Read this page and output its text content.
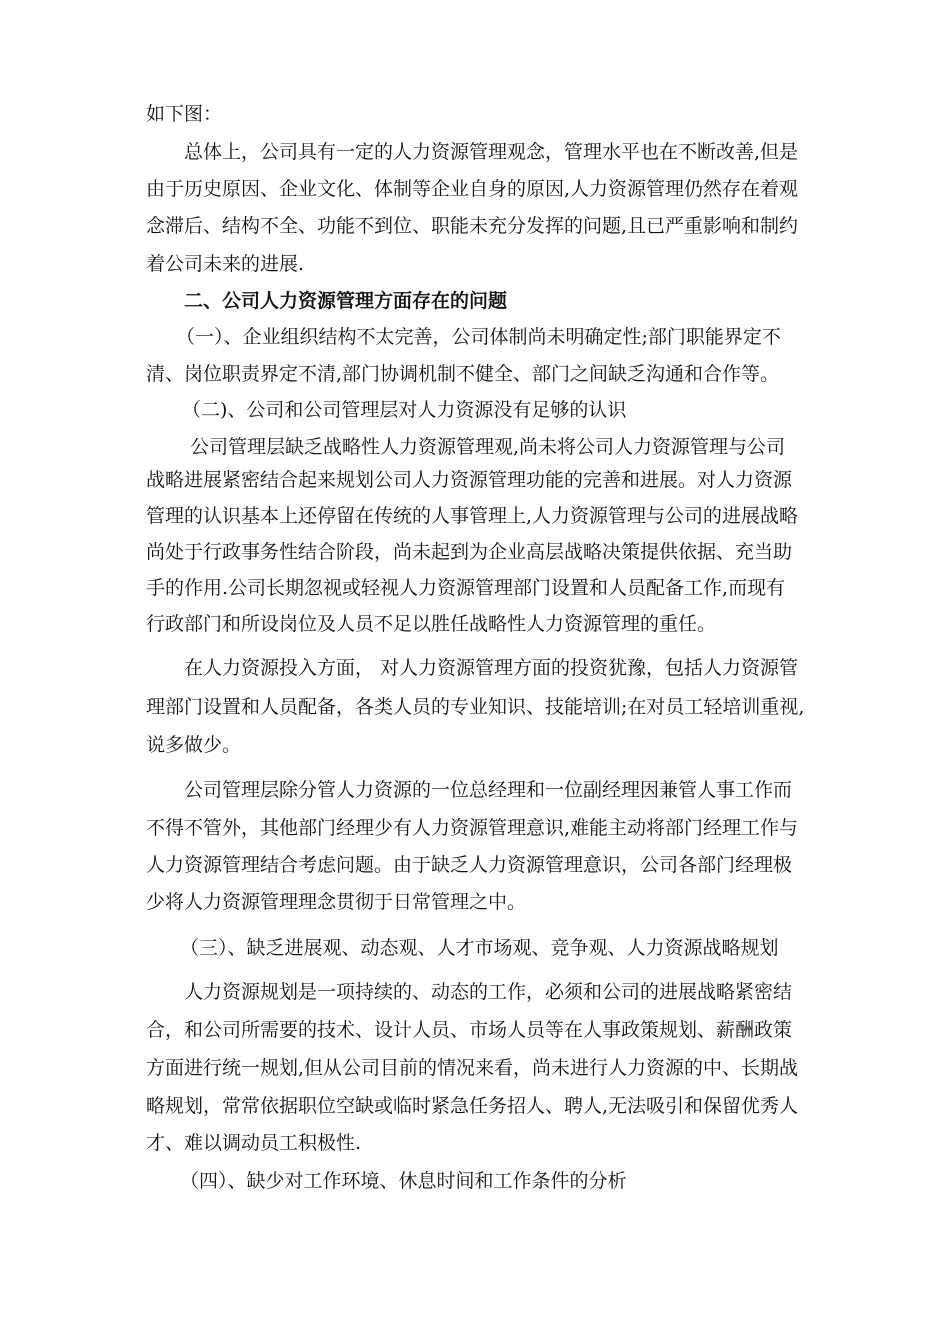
如下图：
总体上，公司具有一定的人力资源管理观念，管理水平也在不断改善,但是
由于历史原因、企业文化、体制等企业自身的原因,人力资源管理仍然存在着观
念滞后、结构不全、功能不到位、职能未充分发挥的问题,且已严重影响和制约
着公司未来的进展.
二、公司人力资源管理方面存在的问题
（一）、企业组织结构不太完善，公司体制尚未明确定性;部门职能界定不
清、岗位职责界定不清,部门协调机制不健全、部门之间缺乏沟通和合作等。
（二)、公司和公司管理层对人力资源没有足够的认识
公司管理层缺乏战略性人力资源管理观,尚未将公司人力资源管理与公司
战略进展紧密结合起来规划公司人力资源管理功能的完善和进展。对人力资源
管理的认识基本上还停留在传统的人事管理上,人力资源管理与公司的进展战略
尚处于行政事务性结合阶段，尚未起到为企业高层战略决策提供依据、充当助
手的作用.公司长期忽视或轻视人力资源管理部门设置和人员配备工作,而现有
行政部门和所设岗位及人员不足以胜任战略性人力资源管理的重任。
在人力资源投入方面， 对人力资源管理方面的投资犹豫，包括人力资源管
理部门设置和人员配备，各类人员的专业知识、技能培训;在对员工轻培训重视,
说多做少。
公司管理层除分管人力资源的一位总经理和一位副经理因兼管人事工作而
不得不管外，其他部门经理少有人力资源管理意识,难能主动将部门经理工作与
人力资源管理结合考虑问题。由于缺乏人力资源管理意识，公司各部门经理极
少将人力资源管理理念贯彻于日常管理之中。
（三）、缺乏进展观、动态观、人才市场观、竞争观、人力资源战略规划
人力资源规划是一项持续的、动态的工作，必须和公司的进展战略紧密结
合，和公司所需要的技术、设计人员、市场人员等在人事政策规划、薪酬政策
方面进行统一规划,但从公司目前的情况来看，尚未进行人力资源的中、长期战
略规划，常常依据职位空缺或临时紧急任务招人、聘人,无法吸引和保留优秀人
才、难以调动员工积极性.
（四）、缺少对工作环境、休息时间和工作条件的分析
